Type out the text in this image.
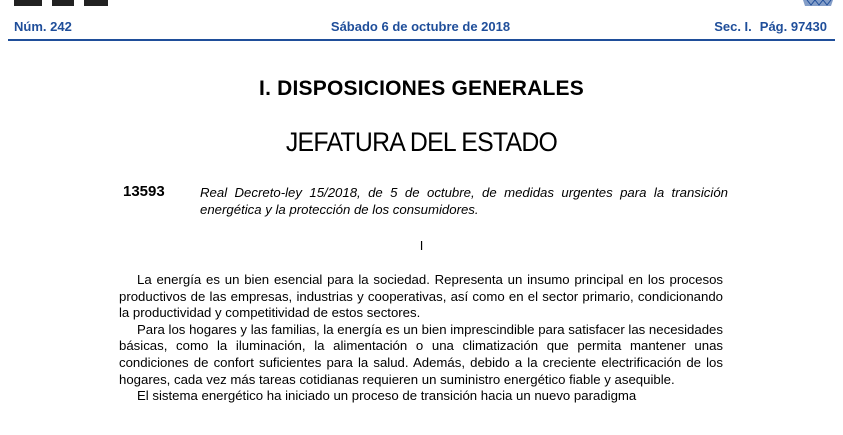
Núm. 242	Sábado 6 de octubre de 2018	Sec. I. Pág. 97430
I. DISPOSICIONES GENERALES
JEFATURA DEL ESTADO
13593	Real Decreto-ley 15/2018, de 5 de octubre, de medidas urgentes para la transición energética y la protección de los consumidores.
I

La energía es un bien esencial para la sociedad. Representa un insumo principal en los procesos productivos de las empresas, industrias y cooperativas, así como en el sector primario, condicionando la productividad y competitividad de estos sectores.

Para los hogares y las familias, la energía es un bien imprescindible para satisfacer las necesidades básicas, como la iluminación, la alimentación o una climatización que permita mantener unas condiciones de confort suficientes para la salud. Además, debido a la creciente electrificación de los hogares, cada vez más tareas cotidianas requieren un suministro energético fiable y asequible.

El sistema energético ha iniciado un proceso de transición hacia un nuevo paradigma
